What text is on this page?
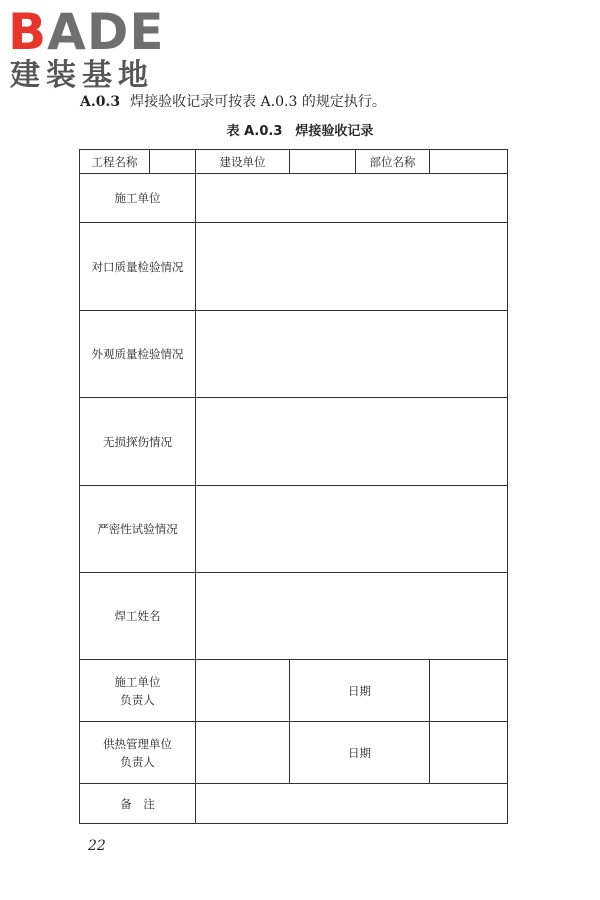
BADE
建装基地
A.0.3 焊接验收记录可按表 A.0.3 的规定执行。
表 A.0.3　焊接验收记录
工程名称		建设单位		部位名称	
施工单位					
对口质量检验情况					
外观质量检验情况					
无损探伤情况					
严密性试验情况					
焊工姓名					

施工单位
负责人			日期		

供热管理单位
负责人			日期		
备　注					
22
